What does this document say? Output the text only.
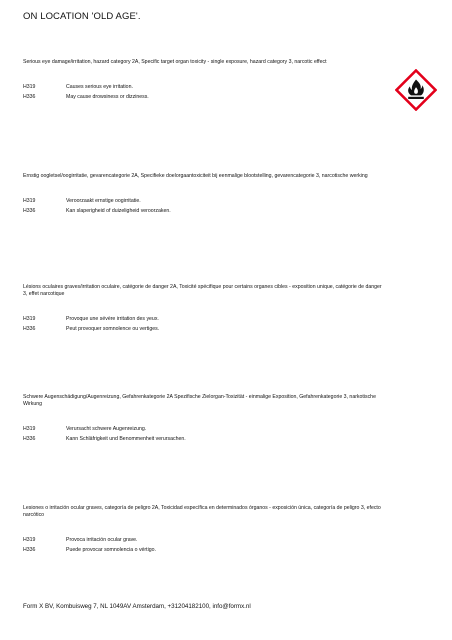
ON LOCATION 'OLD AGE'.

Serious eye damage/irritation, hazard category 2A, Specific target organ toxicity - single exposure, hazard category 3, narcotic effect

H319	Causes serious eye irritation.
H336	May cause drowsiness or dizziness.

Ernstig oogletsel/oogirritatie, gevarencategorie 2A, Specifieke doelorgaantoxiciteit bij eenmalige blootstelling, gevarencategorie 3, narcotische werking

H319	Veroorzaakt ernstige oogirritatie.
H336	Kan slaperigheid of duizeligheid veroorzaken.

Lésions oculaires graves/irritation oculaire, catégorie de danger 2A, Toxicité spécifique pour certains organes cibles - exposition unique, catégorie de danger 3, effet narcotique

H319	Provoque une sévère irritation des yeux.
H336	Peut provoquer somnolence ou vertiges.

Schwere Augenschädigung/Augenreizung, Gefahrenkategorie 2A Spezifische Zielorgan-Toxizität - einmalige Exposition, Gefahrenkategorie 3, narkotische Wirkung

H319	Verursacht schwere Augenreizung.
H336	Kann Schläfrigkeit und Benommenheit verursachen.

Lesiones o irritación ocular graves, categoría de peligro 2A, Toxicidad específica en determinados órganos - exposición única, categoría de peligro 3, efecto narcótico

H319	Provoca irritación ocular grave.
H336	Puede provocar somnolencia o vértigo.
Form X BV, Kombuisweg 7, NL 1049AV Amsterdam, +31204182100, info@formx.nl
